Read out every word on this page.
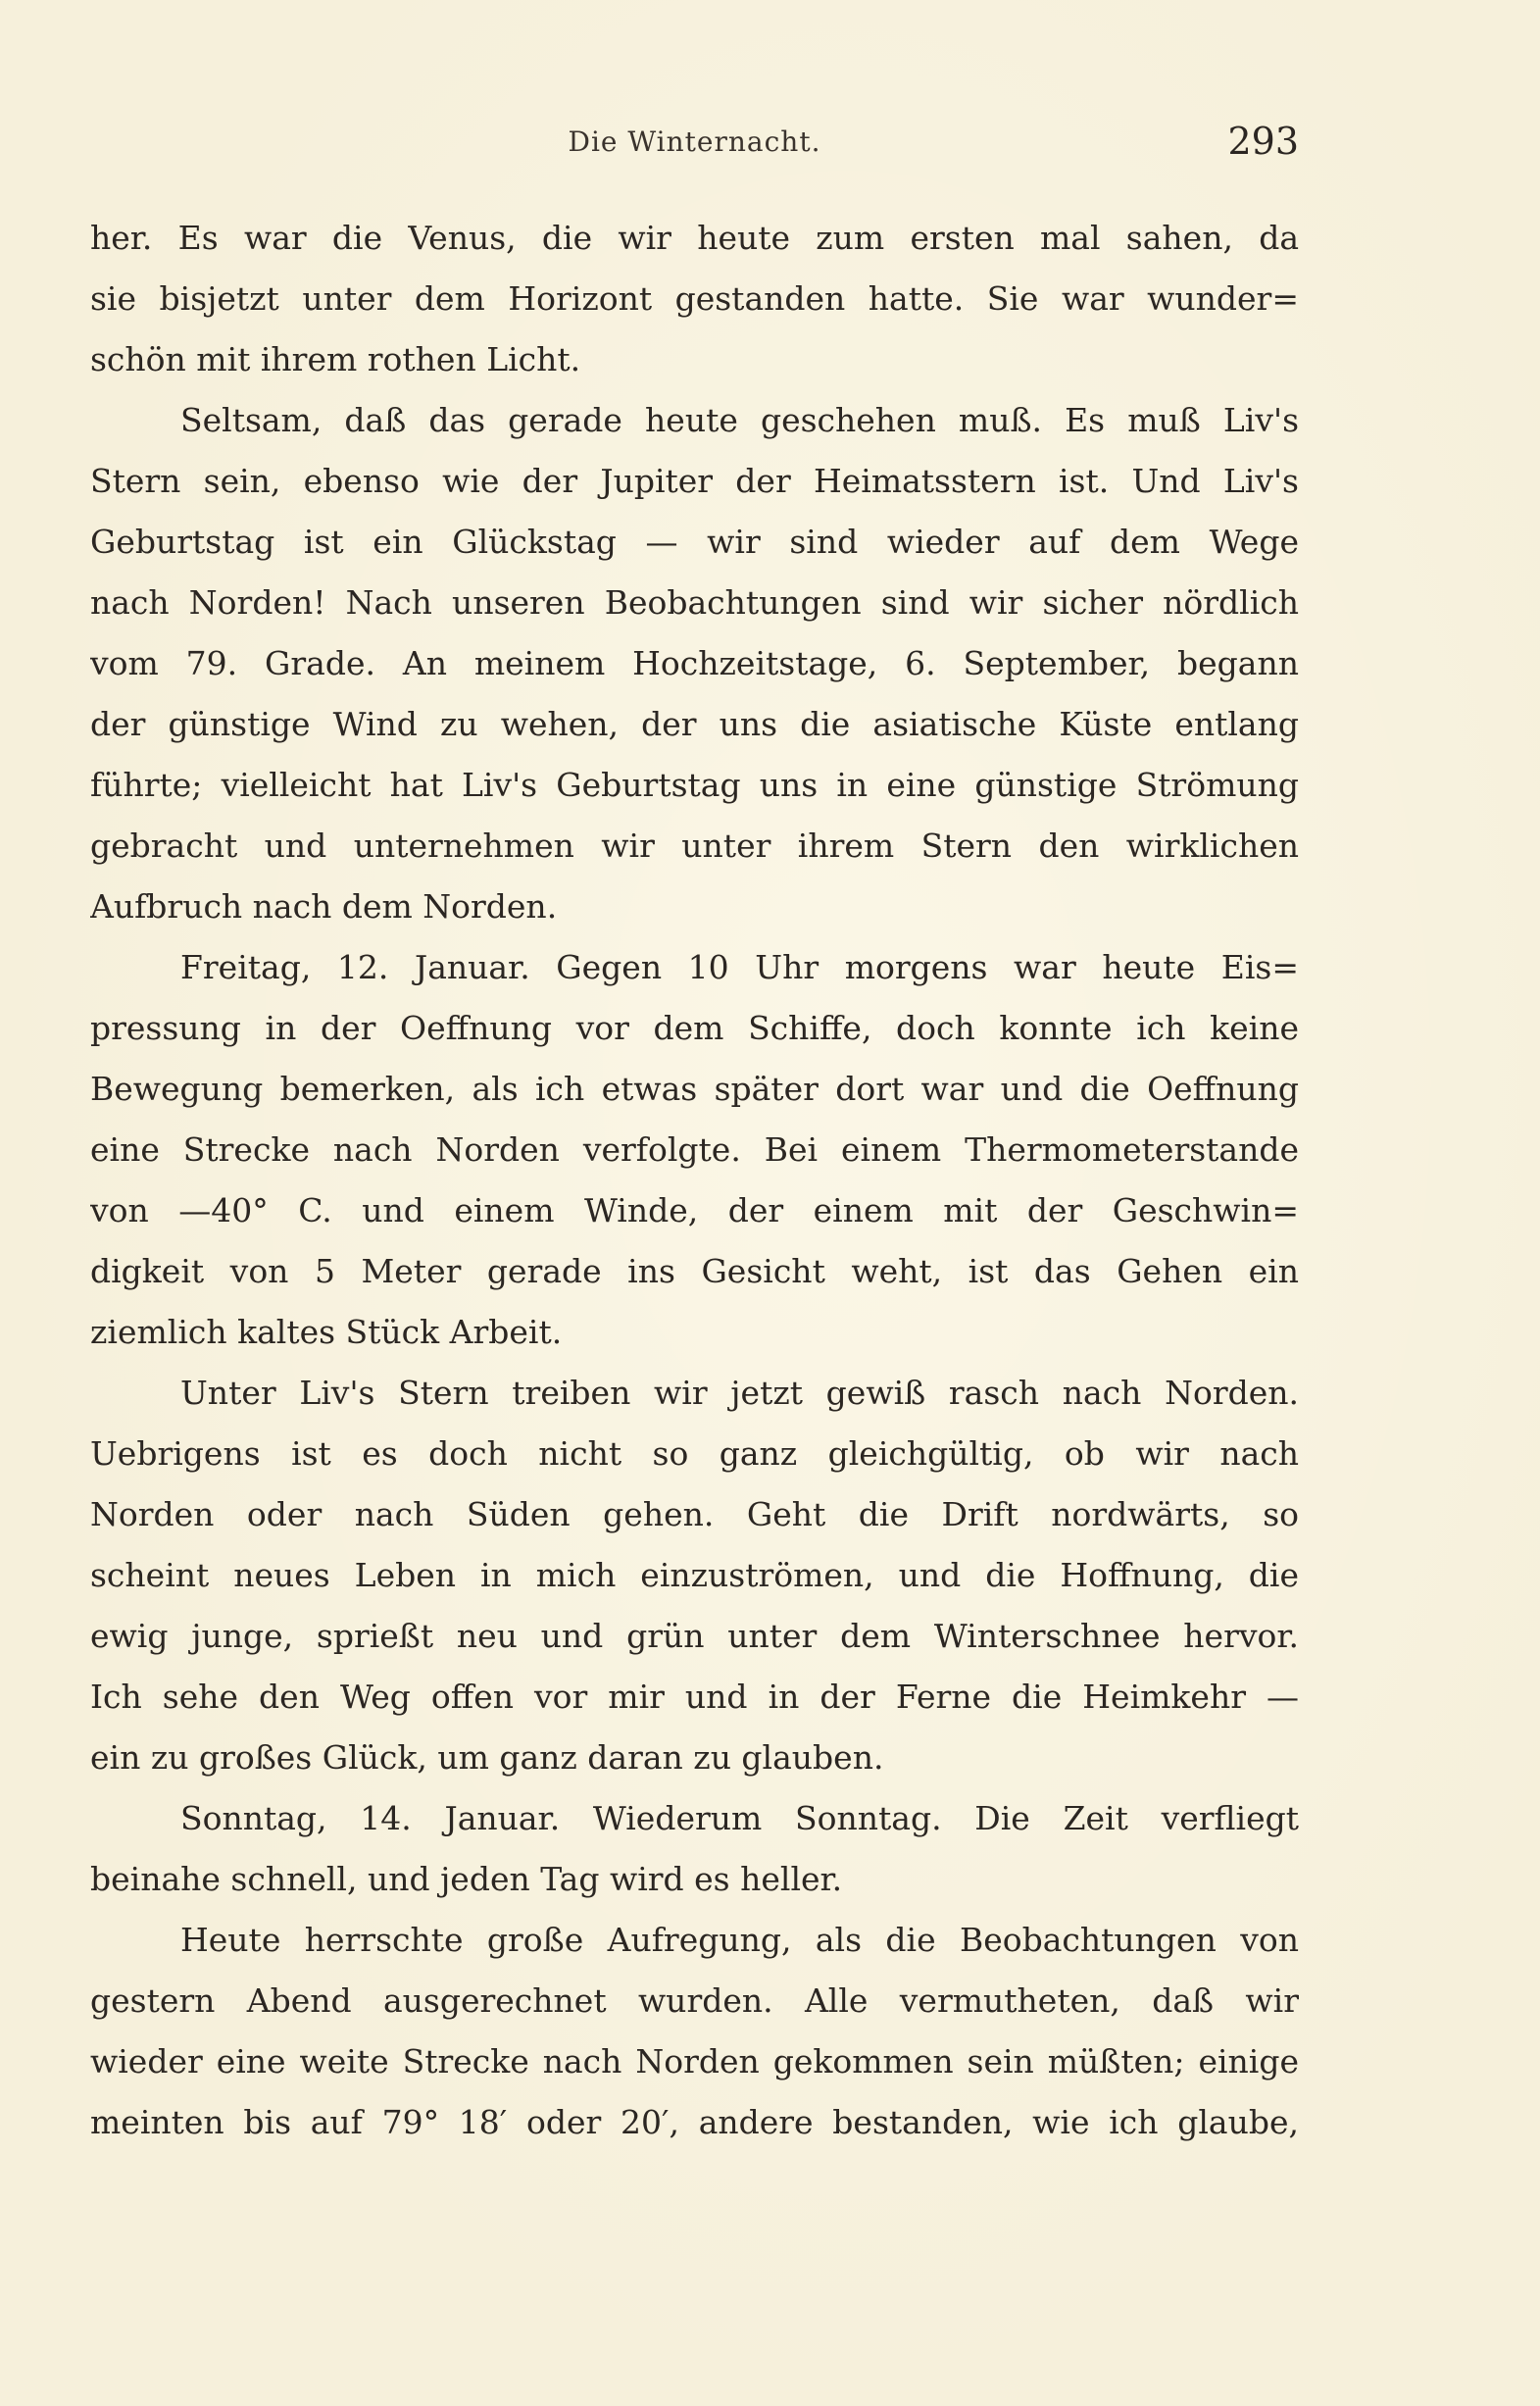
Die Winternacht.	293
her. Es war die Venus, die wir heute zum ersten mal sahen, da
sie bisjetzt unter dem Horizont gestanden hatte. Sie war wunder=
schön mit ihrem rothen Licht.
Seltsam, daß das gerade heute geschehen muß. Es muß Liv's
Stern sein, ebenso wie der Jupiter der Heimatsstern ist. Und Liv's
Geburtstag ist ein Glückstag — wir sind wieder auf dem Wege
nach Norden! Nach unseren Beobachtungen sind wir sicher nördlich
vom 79. Grade. An meinem Hochzeitstage, 6. September, begann
der günstige Wind zu wehen, der uns die asiatische Küste entlang
führte; vielleicht hat Liv's Geburtstag uns in eine günstige Strömung
gebracht und unternehmen wir unter ihrem Stern den wirklichen
Aufbruch nach dem Norden.
Freitag, 12. Januar. Gegen 10 Uhr morgens war heute Eis=
pressung in der Oeffnung vor dem Schiffe, doch konnte ich keine
Bewegung bemerken, als ich etwas später dort war und die Oeffnung
eine Strecke nach Norden verfolgte. Bei einem Thermometerstande
von —40° C. und einem Winde, der einem mit der Geschwin=
digkeit von 5 Meter gerade ins Gesicht weht, ist das Gehen ein
ziemlich kaltes Stück Arbeit.
Unter Liv's Stern treiben wir jetzt gewiß rasch nach Norden.
Uebrigens ist es doch nicht so ganz gleichgültig, ob wir nach
Norden oder nach Süden gehen. Geht die Drift nordwärts, so
scheint neues Leben in mich einzuströmen, und die Hoffnung, die
ewig junge, sprießt neu und grün unter dem Winterschnee hervor.
Ich sehe den Weg offen vor mir und in der Ferne die Heimkehr —
ein zu großes Glück, um ganz daran zu glauben.
Sonntag, 14. Januar. Wiederum Sonntag. Die Zeit verfliegt
beinahe schnell, und jeden Tag wird es heller.
Heute herrschte große Aufregung, als die Beobachtungen von
gestern Abend ausgerechnet wurden. Alle vermutheten, daß wir
wieder eine weite Strecke nach Norden gekommen sein müßten; einige
meinten bis auf 79° 18′ oder 20′, andere bestanden, wie ich glaube,
